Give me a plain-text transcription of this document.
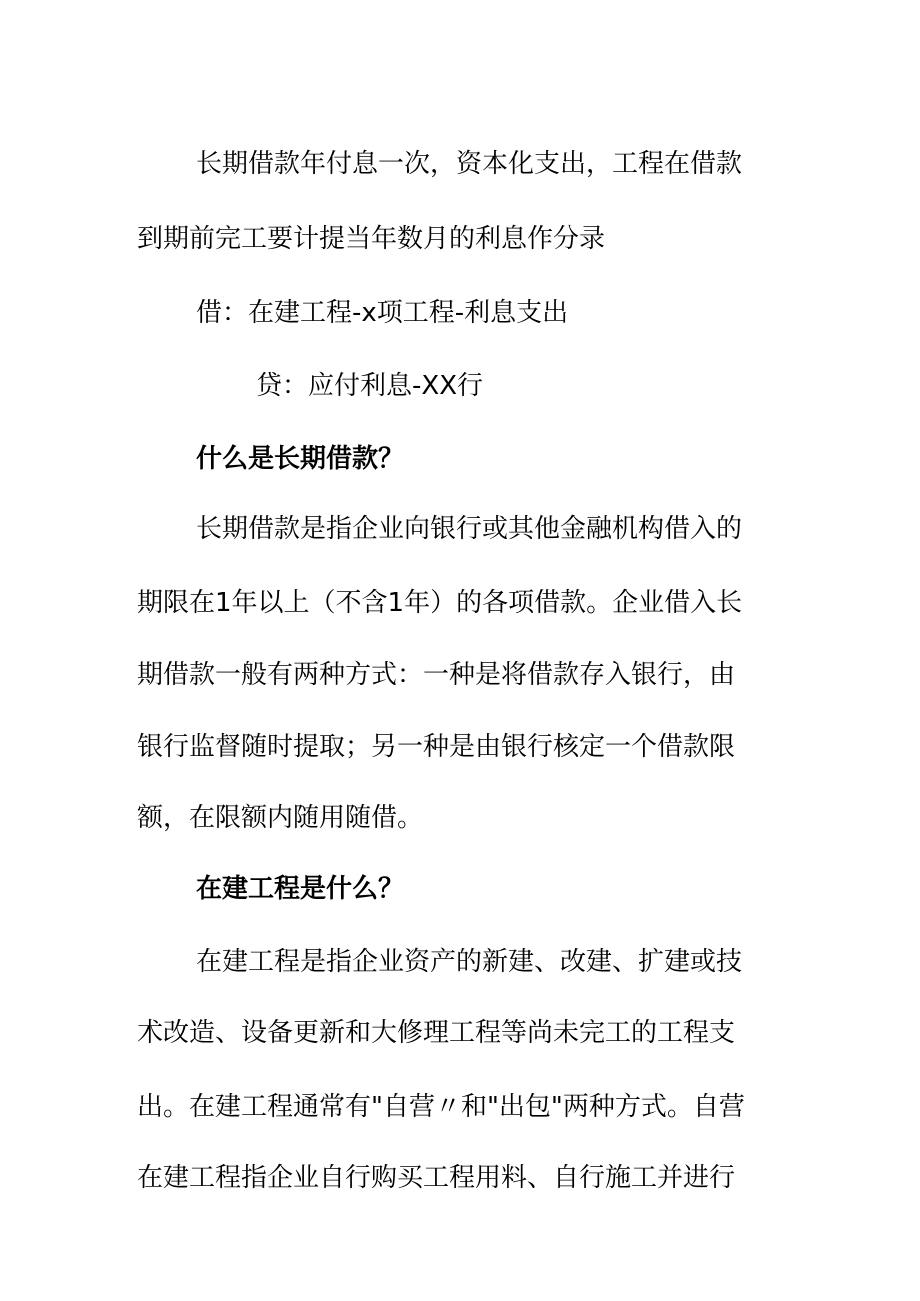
长期借款年付息一次，资本化支出，工程在借款
到期前完工要计提当年数月的利息作分录
借：在建工程-x项工程-利息支出
贷：应付利息-XX行
什么是长期借款？
长期借款是指企业向银行或其他金融机构借入的
期限在1年以上（不含1年）的各项借款。企业借入长
期借款一般有两种方式：一种是将借款存入银行，由
银行监督随时提取；另一种是由银行核定一个借款限
额，在限额内随用随借。
在建工程是什么？
在建工程是指企业资产的新建、改建、扩建或技
术改造、设备更新和大修理工程等尚未完工的工程支
出。在建工程通常有"自营〃和"出包"两种方式。自营
在建工程指企业自行购买工程用料、自行施工并进行
